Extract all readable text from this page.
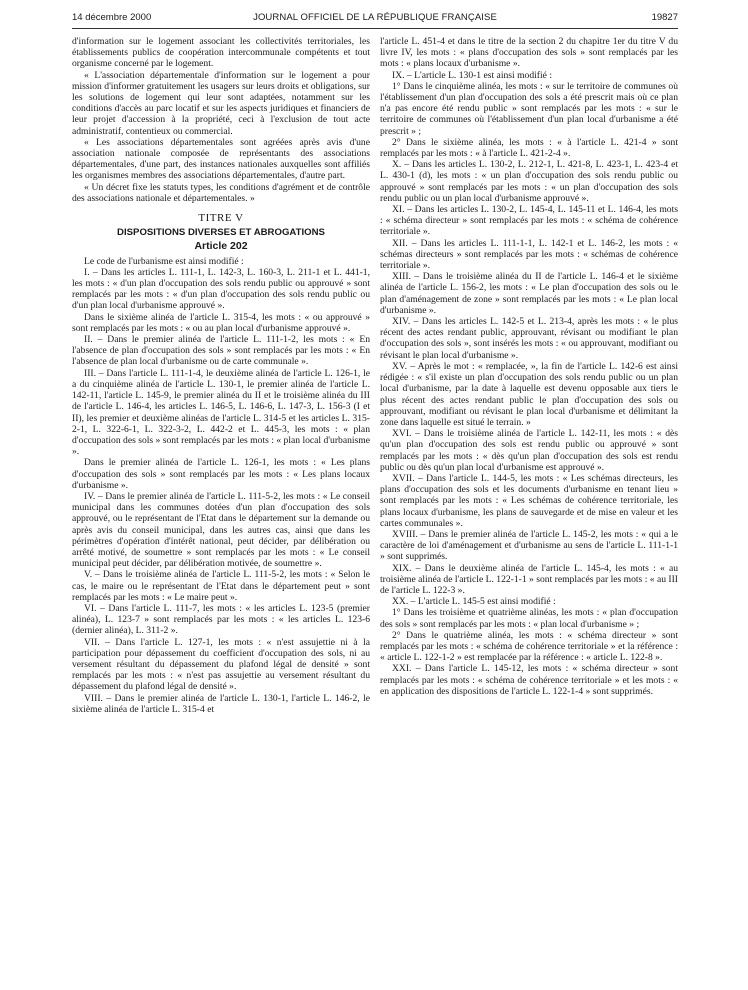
14 décembre 2000	JOURNAL OFFICIEL DE LA RÉPUBLIQUE FRANÇAISE	19827

d'information sur le logement associant les collectivités territoriales, les établissements publics de coopération intercommunale compétents et tout organisme concerné par le logement.

« L'association départementale d'information sur le logement a pour mission d'informer gratuitement les usagers sur leurs droits et obligations, sur les solutions de logement qui leur sont adaptées, notamment sur les conditions d'accès au parc locatif et sur les aspects juridiques et financiers de leur projet d'accession à la propriété, ceci à l'exclusion de tout acte administratif, contentieux ou commercial.

« Les associations départementales sont agréées après avis d'une association nationale composée de représentants des associations départementales, d'une part, des instances nationales auxquelles sont affiliés les organismes membres des associations départementales, d'autre part.

« Un décret fixe les statuts types, les conditions d'agrément et de contrôle des associations nationale et départementales. »

TITRE V

DISPOSITIONS DIVERSES ET ABROGATIONS

Article 202

Le code de l'urbanisme est ainsi modifié :

I. – Dans les articles L. 111-1, L. 142-3, L. 160-3, L. 211-1 et L. 441-1, les mots : « d'un plan d'occupation des sols rendu public ou approuvé » sont remplacés par les mots : « d'un plan d'occupation des sols rendu public ou d'un plan local d'urbanisme approuvé ».

Dans le sixième alinéa de l'article L. 315-4, les mots : « ou approuvé » sont remplacés par les mots : « ou au plan local d'urbanisme approuvé ».

II. – Dans le premier alinéa de l'article L. 111-1-2, les mots : « En l'absence de plan d'occupation des sols » sont remplacés par les mots : « En l'absence de plan local d'urbanisme ou de carte communale ».

III. – Dans l'article L. 111-1-4, le deuxième alinéa de l'article L. 126-1, le a du cinquième alinéa de l'article L. 130-1, le premier alinéa de l'article L. 142-11, l'article L. 145-9, le premier alinéa du II et le troisième alinéa du III de l'article L. 146-4, les articles L. 146-5, L. 146-6, L. 147-3, L. 156-3 (I et II), les premier et deuxième alinéas de l'article L. 314-5 et les articles L. 315-2-1, L. 322-6-1, L. 322-3-2, L. 442-2 et L. 445-3, les mots : « plan d'occupation des sols » sont remplacés par les mots : « plan local d'urbanisme ».

Dans le premier alinéa de l'article L. 126-1, les mots : « Les plans d'occupation des sols » sont remplacés par les mots : « Les plans locaux d'urbanisme ».

IV. – Dans le premier alinéa de l'article L. 111-5-2, les mots : « Le conseil municipal dans les communes dotées d'un plan d'occupation des sols approuvé, ou le représentant de l'Etat dans le département sur la demande ou après avis du conseil municipal, dans les autres cas, ainsi que dans les périmètres d'opération d'intérêt national, peut décider, par délibération ou arrêté motivé, de soumettre » sont remplacés par les mots : « Le conseil municipal peut décider, par délibération motivée, de soumettre ».

V. – Dans le troisième alinéa de l'article L. 111-5-2, les mots : « Selon le cas, le maire ou le représentant de l'Etat dans le département peut » sont remplacés par les mots : « Le maire peut ».

VI. – Dans l'article L. 111-7, les mots : « les articles L. 123-5 (premier alinéa), L. 123-7 » sont remplacés par les mots : « les articles L. 123-6 (dernier alinéa), L. 311-2 ».

VII. – Dans l'article L. 127-1, les mots : « n'est assujettie ni à la participation pour dépassement du coefficient d'occupation des sols, ni au versement résultant du dépassement du plafond légal de densité » sont remplacés par les mots : « n'est pas assujettie au versement résultant du dépassement du plafond légal de densité ».

VIII. – Dans le premier alinéa de l'article L. 130-1, l'article L. 146-2, le sixième alinéa de l'article L. 315-4 et

l'article L. 451-4 et dans le titre de la section 2 du chapitre 1er du titre V du livre IV, les mots : « plans d'occupation des sols » sont remplacés par les mots : « plans locaux d'urbanisme ».

IX. – L'article L. 130-1 est ainsi modifié :

1° Dans le cinquième alinéa, les mots : « sur le territoire de communes où l'établissement d'un plan d'occupation des sols a été prescrit mais où ce plan n'a pas encore été rendu public » sont remplacés par les mots : « sur le territoire de communes où l'établissement d'un plan local d'urbanisme a été prescrit » ;

2° Dans le sixième alinéa, les mots : « à l'article L. 421-4 » sont remplacés par les mots : « à l'article L. 421-2-4 ».

X. – Dans les articles L. 130-2, L. 212-1, L. 421-8, L. 423-1, L. 423-4 et L. 430-1 (d), les mots : « un plan d'occupation des sols rendu public ou approuvé » sont remplacés par les mots : « un plan d'occupation des sols rendu public ou un plan local d'urbanisme approuvé ».

XI. – Dans les articles L. 130-2, L. 145-4, L. 145-11 et L. 146-4, les mots : « schéma directeur » sont remplacés par les mots : « schéma de cohérence territoriale ».

XII. – Dans les articles L. 111-1-1, L. 142-1 et L. 146-2, les mots : « schémas directeurs » sont remplacés par les mots : « schémas de cohérence territoriale ».

XIII. – Dans le troisième alinéa du II de l'article L. 146-4 et le sixième alinéa de l'article L. 156-2, les mots : « Le plan d'occupation des sols ou le plan d'aménagement de zone » sont remplacés par les mots : « Le plan local d'urbanisme ».

XIV. – Dans les articles L. 142-5 et L. 213-4, après les mots : « le plus récent des actes rendant public, approuvant, révisant ou modifiant le plan d'occupation des sols », sont insérés les mots : « ou approuvant, modifiant ou révisant le plan local d'urbanisme ».

XV. – Après le mot : « remplacée, », la fin de l'article L. 142-6 est ainsi rédigée : « s'il existe un plan d'occupation des sols rendu public ou un plan local d'urbanisme, par la date à laquelle est devenu opposable aux tiers le plus récent des actes rendant public le plan d'occupation des sols ou approuvant, modifiant ou révisant le plan local d'urbanisme et délimitant la zone dans laquelle est situé le terrain. »

XVI. – Dans le troisième alinéa de l'article L. 142-11, les mots : « dès qu'un plan d'occupation des sols est rendu public ou approuvé » sont remplacés par les mots : « dès qu'un plan d'occupation des sols est rendu public ou dès qu'un plan local d'urbanisme est approuvé ».

XVII. – Dans l'article L. 144-5, les mots : « Les schémas directeurs, les plans d'occupation des sols et les documents d'urbanisme en tenant lieu » sont remplacés par les mots : « Les schémas de cohérence territoriale, les plans locaux d'urbanisme, les plans de sauvegarde et de mise en valeur et les cartes communales ».

XVIII. – Dans le premier alinéa de l'article L. 145-2, les mots : « qui a le caractère de loi d'aménagement et d'urbanisme au sens de l'article L. 111-1-1 » sont supprimés.

XIX. – Dans le deuxième alinéa de l'article L. 145-4, les mots : « au troisième alinéa de l'article L. 122-1-1 » sont remplacés par les mots : « au III de l'article L. 122-3 ».

XX. – L'article L. 145-5 est ainsi modifié :

1° Dans les troisième et quatrième alinéas, les mots : « plan d'occupation des sols » sont remplacés par les mots : « plan local d'urbanisme » ;

2° Dans le quatrième alinéa, les mots : « schéma directeur » sont remplacés par les mots : « schéma de cohérence territoriale » et la référence : « article L. 122-1-2 » est remplacée par la référence : « article L. 122-8 ».

XXI. – Dans l'article L. 145-12, les mots : « schéma directeur » sont remplacés par les mots : « schéma de cohérence territoriale » et les mots : « en application des dispositions de l'article L. 122-1-4 » sont supprimés.
